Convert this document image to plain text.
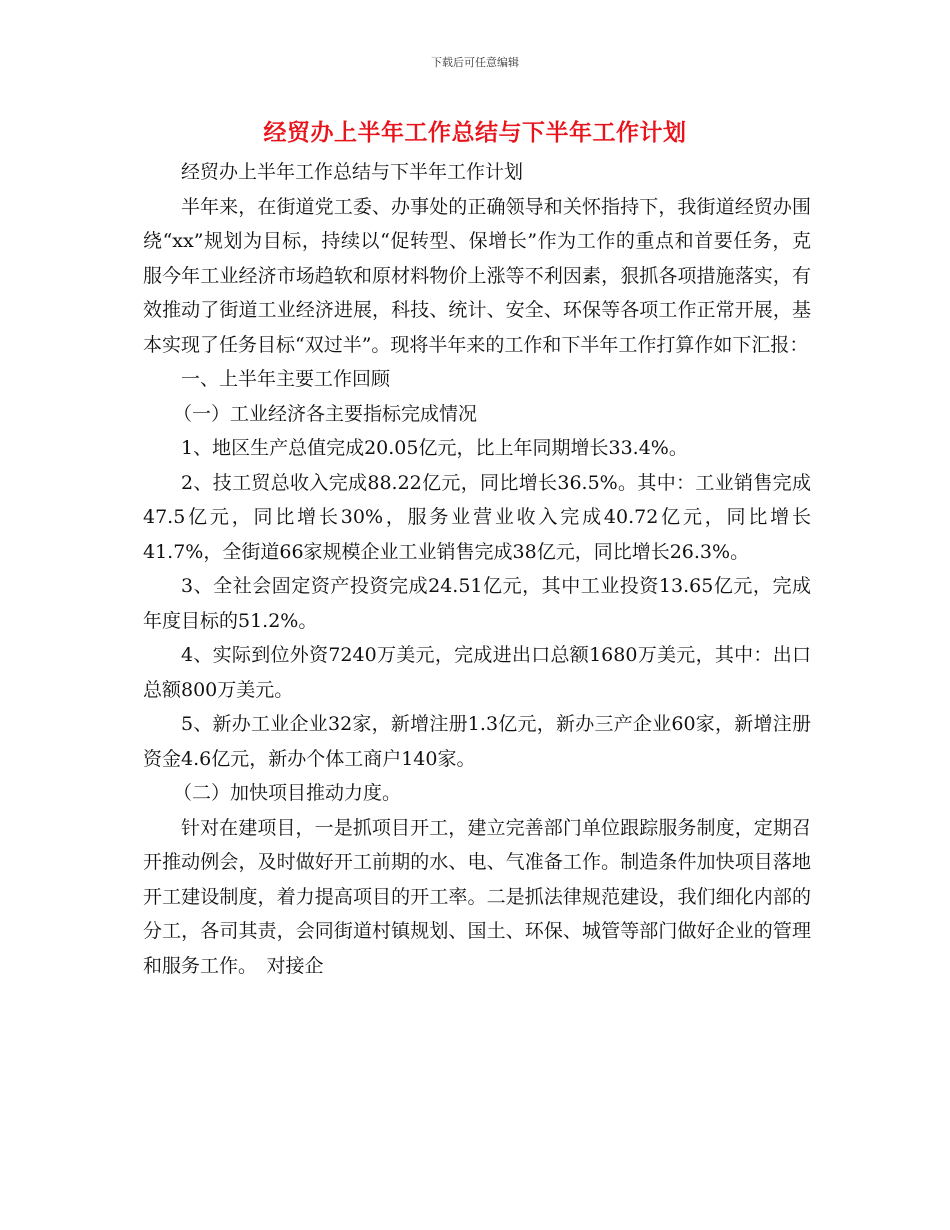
下载后可任意编辑
经贸办上半年工作总结与下半年工作计划

经贸办上半年工作总结与下半年工作计划

半年来，在街道党工委、办事处的正确领导和关怀指持下，我街道经贸办围绕“xx”规划为目标，持续以“促转型、保增长”作为工作的重点和首要任务，克服今年工业经济市场趋软和原材料物价上涨等不利因素，狠抓各项措施落实，有效推动了街道工业经济进展，科技、统计、安全、环保等各项工作正常开展，基本实现了任务目标“双过半”。现将半年来的工作和下半年工作打算作如下汇报：

一、上半年主要工作回顾

（一）工业经济各主要指标完成情况

1、地区生产总值完成20.05亿元，比上年同期增长33.4%。

2、技工贸总收入完成88.22亿元，同比增长36.5%。其中：工业销售完成47.5亿元，同比增长30%，服务业营业收入完成40.72亿元，同比增长41.7%，全街道66家规模企业工业销售完成38亿元，同比增长26.3%。

3、全社会固定资产投资完成24.51亿元，其中工业投资13.65亿元，完成年度目标的51.2%。

4、实际到位外资7240万美元，完成进出口总额1680万美元，其中：出口总额800万美元。

5、新办工业企业32家，新增注册1.3亿元，新办三产企业60家，新增注册资金4.6亿元，新办个体工商户140家。

（二）加快项目推动力度。

针对在建项目，一是抓项目开工，建立完善部门单位跟踪服务制度，定期召开推动例会，及时做好开工前期的水、电、气准备工作。制造条件加快项目落地开工建设制度，着力提高项目的开工率。二是抓法律规范建设，我们细化内部的分工，各司其责，会同街道村镇规划、国土、环保、城管等部门做好企业的管理和服务工作。　对接企
